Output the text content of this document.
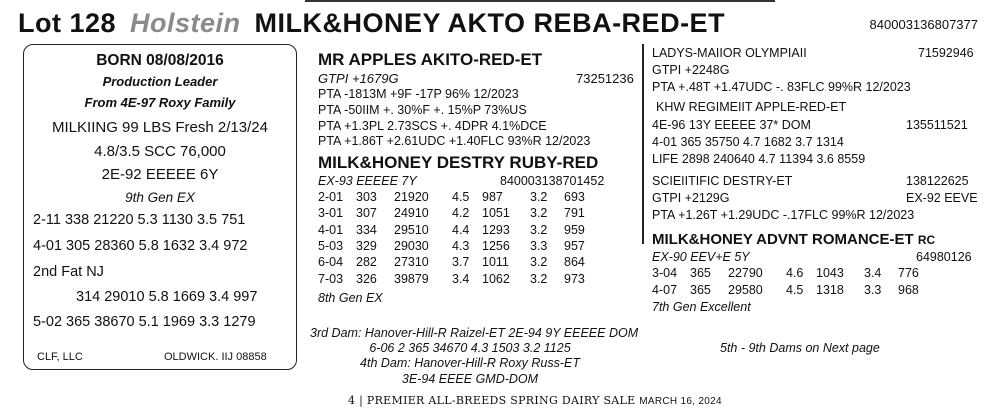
Lot 128 Holstein MILK&HONEY AKTO REBA-RED-ET	840003136807377
BORN 08/08/2016
Production Leader
From 4E-97 Roxy Family
MILKIING 99 LBS Fresh 2/13/24
4.8/3.5 SCC 76,000
2E-92 EEEEE 6Y
9th Gen EX
2-11 338 21220 5.3 1130 3.5 751
4-01 305 28360 5.8 1632 3.4 972
2nd Fat NJ
314 29010 5.8 1669 3.4 997
5-02 365 38670 5.1 1969 3.3 1279
CLF, LLC	OLDWICK. IIJ 08858
MR APPLES AKITO-RED-ET
GTPI +1679G	73251236
PTA -1813M +9F -17P 96% 12/2023
PTA -50IIM +. 30%F +. 15%P 73%US
PTA +1.3PL 2.73SCS +. 4DPR 4.1%DCE
PTA +1.86T +2.61UDC +1.40FLC 93%R 12/2023
MILK&HONEY DESTRY RUBY-RED
EX-93 EEEEE 7Y	840003138701452
2-01 303 21920 4.5 987 3.2 693
3-01 307 24910 4.2 1051 3.2 791
4-01 334 29510 4.4 1293 3.2 959
5-03 329 29030 4.3 1256 3.3 957
6-04 282 27310 3.7 1011 3.2 864
7-03 326 39879 3.4 1062 3.2 973
8th Gen EX
LADYS-MAIIOR OLYMPIAII	71592946
GTPI +2248G
PTA +.48T +1.47UDC -. 83FLC 99%R 12/2023
KHW REGIMEIIT APPLE-RED-ET
4E-96 13Y EEEEE 37* DOM	135511521
4-01 365 35750 4.7 1682 3.7 1314
LIFE 2898 240640 4.7 11394 3.6 8559
SCIEIITIFIC DESTRY-ET	138122625
GTPI +2129G	EX-92 EEVE
PTA +1.26T +1.29UDC -.17FLC 99%R 12/2023
MILK&HONEY ADVNT ROMANCE-ET RC
EX-90 EEV+E 5Y	64980126
3-04 365 22790 4.6 1043 3.4 776
4-07 365 29580 4.5 1318 3.3 968
7th Gen Excellent
3rd Dam: Hanover-Hill-R Raizel-ET 2E-94 9Y EEEEE DOM
6-06 2 365 34670 4.3 1503 3.2 1125
4th Dam: Hanover-Hill-R Roxy Russ-ET
3E-94 EEEE GMD-DOM
5th - 9th Dams on Next page
4 | PREMIER ALL-BREEDS SPRING DAIRY SALE MARCH 16, 2024
